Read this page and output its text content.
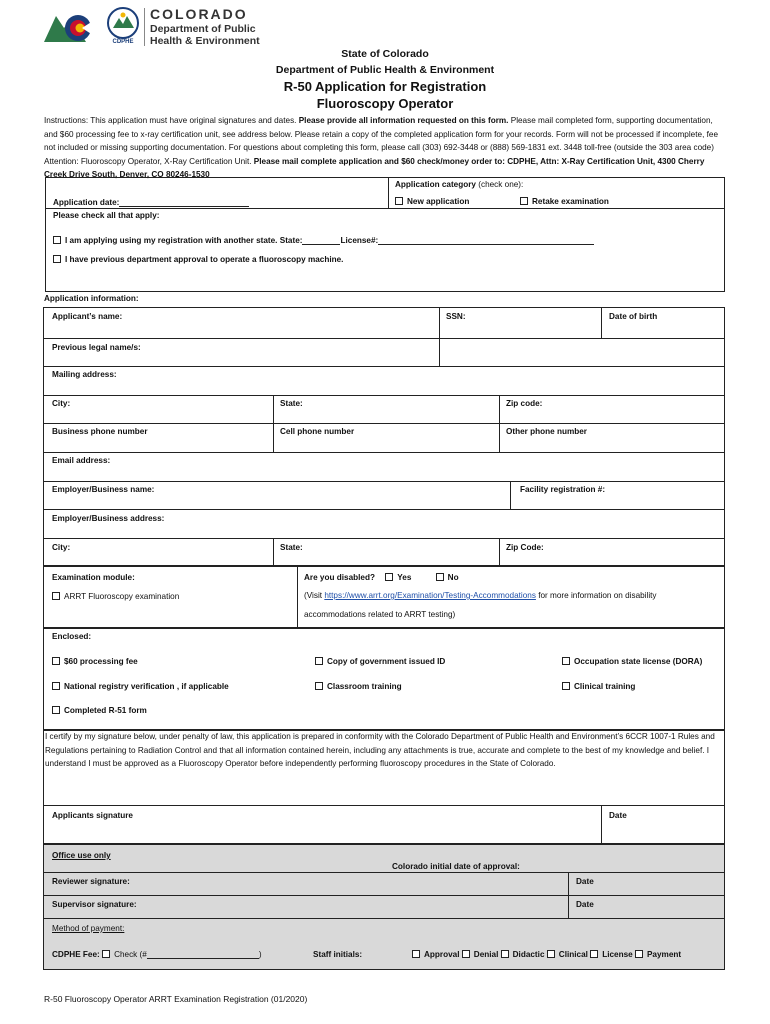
CDPHE
COLORADO
Department of Public
Health & Environment
State of Colorado
Department of Public Health & Environment
R-50 Application for Registration
Fluoroscopy Operator
Instructions: This application must have original signatures and dates. Please provide all information requested on this form. Please mail completed form, supporting documentation, and $60 processing fee to x-ray certification unit, see address below. Please retain a copy of the completed application form for your records. Form will not be processed if incomplete, fee not included or missing supporting documentation. For questions about completing this form, please call (303) 692-3448 or (888) 569-1831 ext. 3448 toll-free (outside the 303 area code) Attention: Fluoroscopy Operator, X-Ray Certification Unit. Please mail complete application and $60 check/money order to: CDPHE, Attn: X-Ray Certification Unit, 4300 Cherry Creek Drive South, Denver, CO 80246-1530
Application category (check one):
Application date:	New application	Retake examination
Please check all that apply:
I am applying using my registration with another state. State:	License#:
I have previous department approval to operate a fluoroscopy machine.
Application information:
Applicant’s name:	SSN:	Date of birth
Previous legal name/s:
Mailing address:
City:	State:	Zip code:
Business phone number	Cell phone number	Other phone number
Email address:
Employer/Business name:	Facility registration #:
Employer/Business address:
City:	State:	Zip Code:
Examination module:
ARRT Fluoroscopy examination
Are you disabled?	Yes	No
(Visit https://www.arrt.org/Examination/Testing-Accommodations for more information on disability
accommodations related to ARRT testing)
Enclosed:
$60 processing fee	Copy of government issued ID	Occupation state license (DORA)
National registry verification , if applicable	Classroom training	Clinical training
Completed R-51 form
I certify by my signature below, under penalty of law, this application is prepared in conformity with the Colorado Department of Public Health and Environment’s 6CCR 1007-1 Rules and Regulations pertaining to Radiation Control and that all information contained herein, including any attachments is true, accurate and complete to the best of my knowledge and belief. I understand I must be approved as a Fluoroscopy Operator before independently performing fluoroscopy procedures in the State of Colorado.
Applicants signature	Date
Office use only
Colorado initial date of approval:
Reviewer signature:	Date
Supervisor signature:	Date
Method of payment:
CDPHE Fee: Check (#	)	Staff initials:	Approval Denial Didactic Clinical License Payment
R-50 Fluoroscopy Operator ARRT Examination Registration (01/2020)
